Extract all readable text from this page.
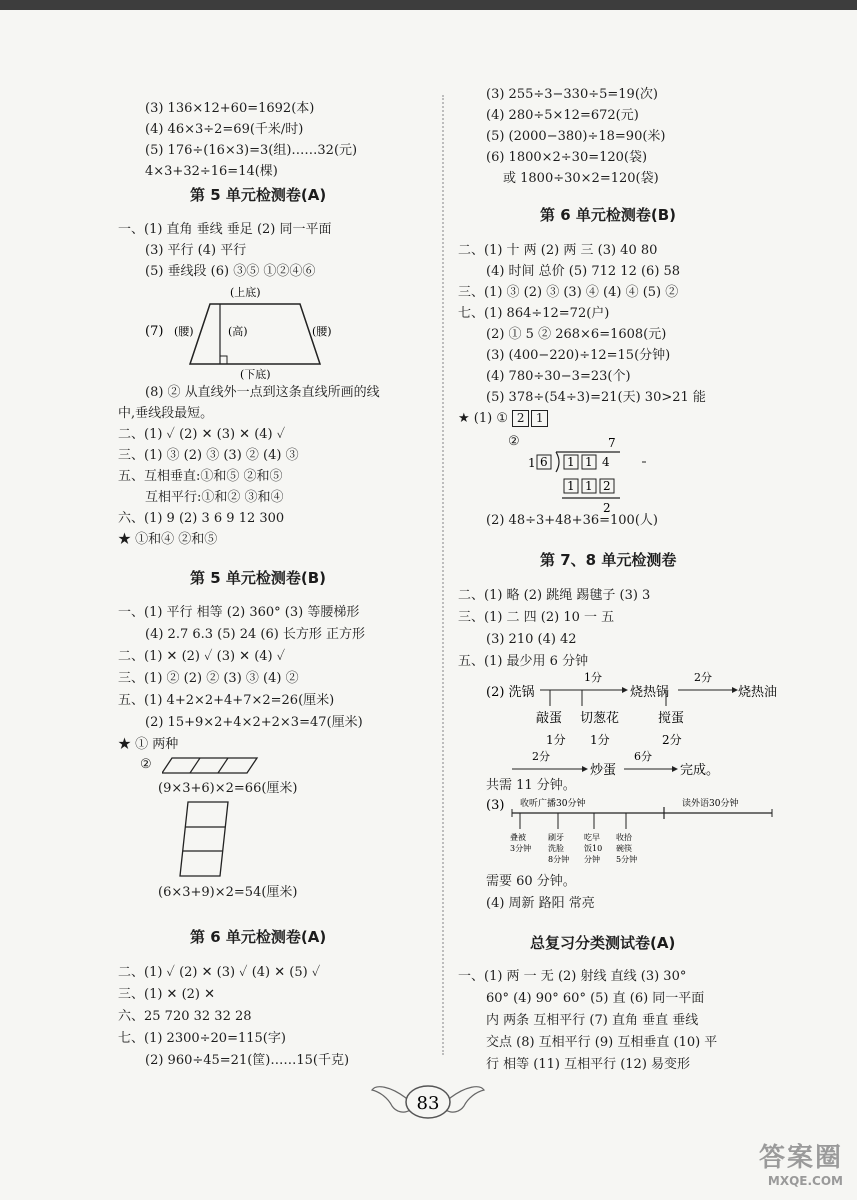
(3) 136×12+60=1692(本)
(4) 46×3÷2=69(千米/时)
(5) 176÷(16×3)=3(组)……32(元)
4×3+32÷16=14(棵)
第 5 单元检测卷(A)
一、(1) 直角 垂线 垂足 (2) 同一平面
(3) 平行 (4) 平行
(5) 垂线段 (6) ③⑤ ①②④⑥
(7)
(上底)
(腰)	(高)	(腰)
(下底)
(8) ② 从直线外一点到这条直线所画的线
中,垂线段最短。
二、(1) ✓ (2) ✕ (3) ✕ (4) ✓
三、(1) ③ (2) ③ (3) ② (4) ③
五、互相垂直:①和⑤ ②和⑤
互相平行:①和② ③和④
六、(1) 9 (2) 3 6 9 12 300
★ ①和④ ②和⑤
第 5 单元检测卷(B)
一、(1) 平行 相等 (2) 360° (3) 等腰梯形
(4) 2.7 6.3 (5) 24 (6) 长方形 正方形
二、(1) ✕ (2) ✓ (3) ✕ (4) ✓
三、(1) ② (2) ② (3) ③ (4) ②
五、(1) 4+2×2+4+7×2=26(厘米)
(2) 15+9×2+4×2+2×3=47(厘米)
★ ① 两种
②
(9×3+6)×2=66(厘米)
(6×3+9)×2=54(厘米)
第 6 单元检测卷(A)
二、(1) ✓ (2) ✕ (3) ✓ (4) ✕ (5) ✓
三、(1) ✕ (2) ✕
六、25 720 32 32 28
七、(1) 2300÷20=115(字)
(2) 960÷45=21(筐)……15(千克)
(3) 255÷3−330÷5=19(次)
(4) 280÷5×12=672(元)
(5) (2000−380)÷18=90(米)
(6) 1800×2÷30=120(袋)
或 1800÷30×2=120(袋)
第 6 单元检测卷(B)
二、(1) 十 两 (2) 两 三 (3) 40 80
(4) 时间 总价 (5) 712 12 (6) 58
三、(1) ③ (2) ③ (3) ④ (4) ④ (5) ②
七、(1) 864÷12=72(户)
(2) ① 5 ② 268×6=1608(元)
(3) (400−220)÷12=15(分钟)
(4) 780÷30−3=23(个)
(5) 378÷(54÷3)=21(天) 30>21 能
★ (1) ① 2 1
②	7
1 6 1 1 4
1 1 2
2
(2) 48÷3+48+36=100(人)
第 7、8 单元检测卷
二、(1) 略 (2) 跳绳 踢毽子 (3) 3
三、(1) 二 四 (2) 10 一 五
(3) 210 (4) 42
五、(1) 最少用 6 分钟
(2) 洗锅
1分
烧热锅
2分
烧热油
敲蛋 切葱花	搅蛋
1分 1分	2分
2分
炒蛋
6分
完成。
共需 11 分钟。
(3) 收听广播30分钟	读外语30分钟
叠被
3分钟
刷牙
洗脸
8分钟
吃早
饭10
分钟
收拾
碗筷
5分钟
需要 60 分钟。
(4) 周新 路阳 常亮
总复习分类测试卷(A)
一、(1) 两 一 无 (2) 射线 直线 (3) 30°
60° (4) 90° 60° (5) 直 (6) 同一平面
内 两条 互相平行 (7) 直角 垂直 垂线
交点 (8) 互相平行 (9) 互相垂直 (10) 平
行 相等 (11) 互相平行 (12) 易变形
83
答案圈
MXQE.COM
